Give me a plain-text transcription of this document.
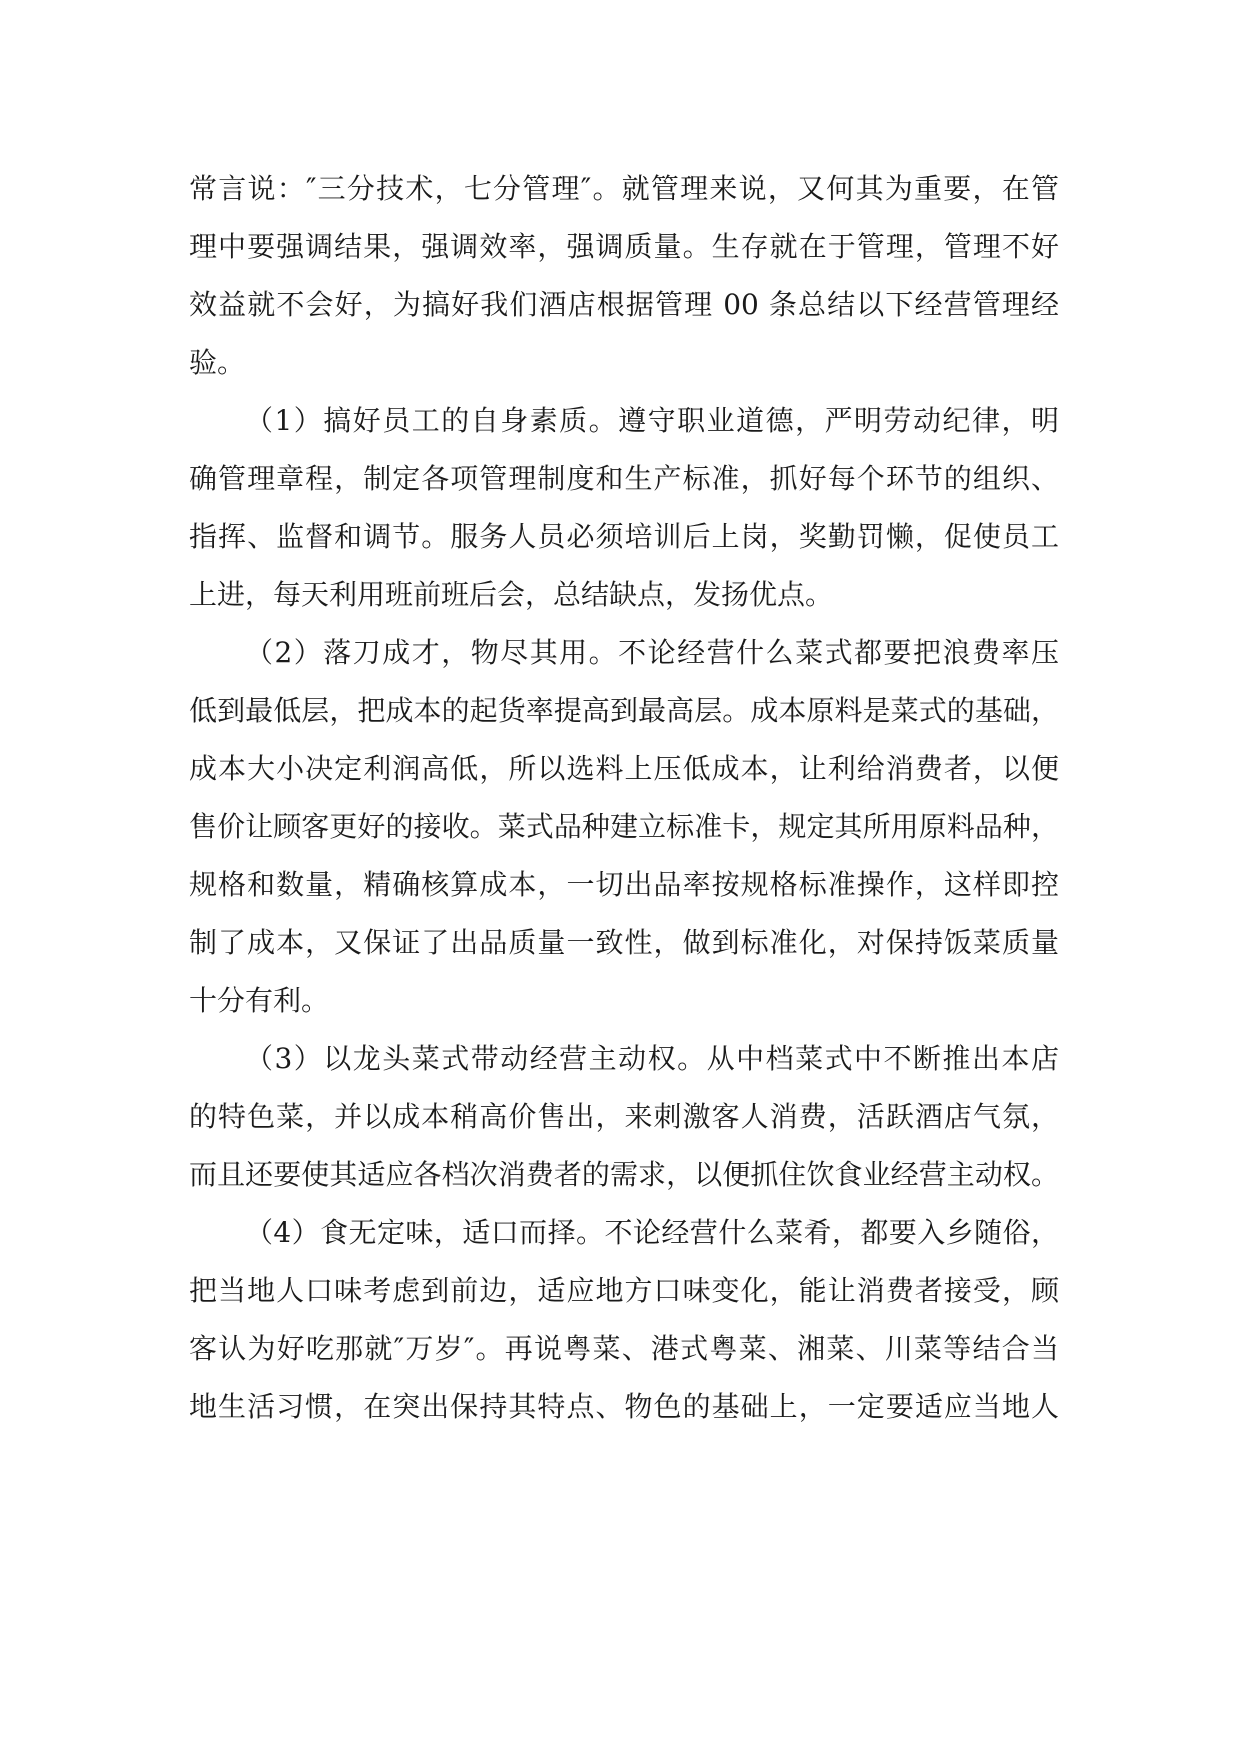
常言说：″三分技术，七分管理″。就管理来说，又何其为重要，在管
理中要强调结果，强调效率，强调质量。生存就在于管理，管理不好
效益就不会好，为搞好我们酒店根据管理 00 条总结以下经营管理经
验。
（1）搞好员工的自身素质。遵守职业道德，严明劳动纪律，明
确管理章程，制定各项管理制度和生产标准，抓好每个环节的组织、
指挥、监督和调节。服务人员必须培训后上岗，奖勤罚懒，促使员工
上进，每天利用班前班后会，总结缺点，发扬优点。
（2）落刀成才，物尽其用。不论经营什么菜式都要把浪费率压
低到最低层，把成本的起货率提高到最高层。成本原料是菜式的基础，
成本大小决定利润高低，所以选料上压低成本，让利给消费者，以便
售价让顾客更好的接收。菜式品种建立标准卡，规定其所用原料品种，
规格和数量，精确核算成本，一切出品率按规格标准操作，这样即控
制了成本，又保证了出品质量一致性，做到标准化，对保持饭菜质量
十分有利。
（3）以龙头菜式带动经营主动权。从中档菜式中不断推出本店
的特色菜，并以成本稍高价售出，来刺激客人消费，活跃酒店气氛，
而且还要使其适应各档次消费者的需求，以便抓住饮食业经营主动权。
（4）食无定味，适口而择。不论经营什么菜肴，都要入乡随俗，
把当地人口味考虑到前边，适应地方口味变化，能让消费者接受，顾
客认为好吃那就″万岁″。再说粤菜、港式粤菜、湘菜、川菜等结合当
地生活习惯，在突出保持其特点、物色的基础上，一定要适应当地人
